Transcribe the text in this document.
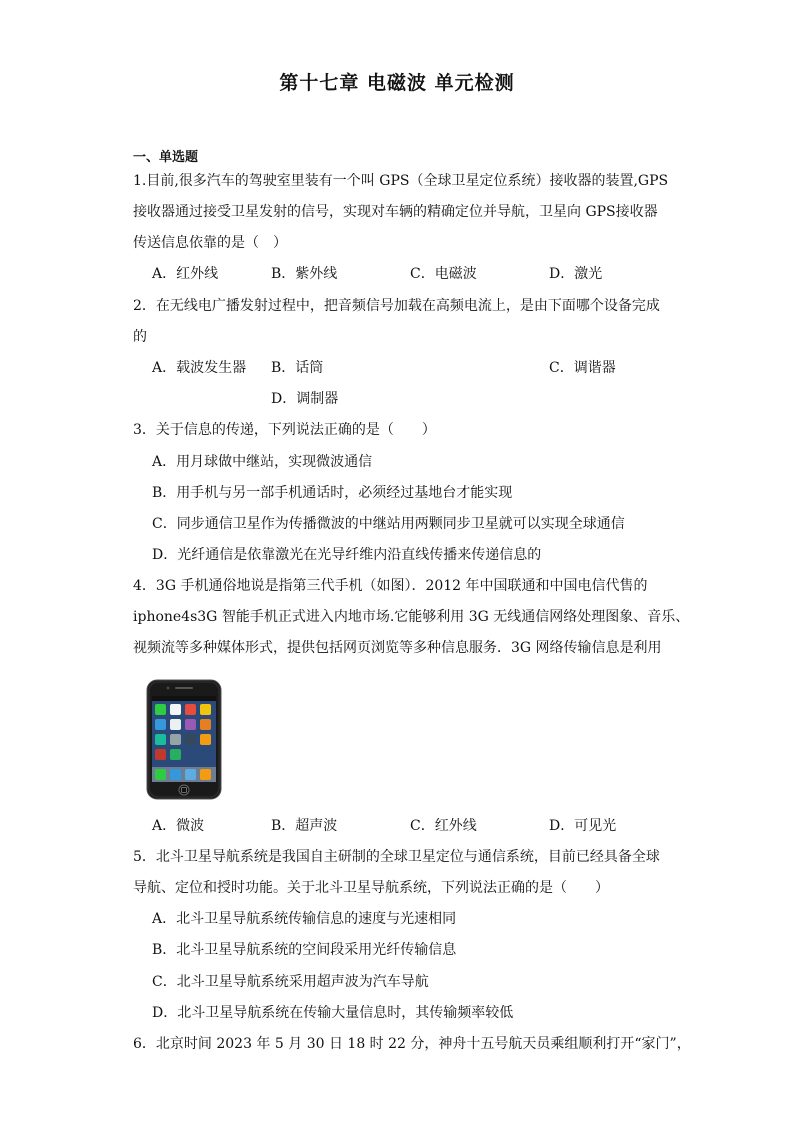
第十七章 电磁波 单元检测
一、单选题
1.目前,很多汽车的驾驶室里装有一个叫 GPS（全球卫星定位系统）接收器的装置,GPS
接收器通过接受卫星发射的信号，实现对车辆的精确定位并导航，卫星向 GPS接收器
传送信息依靠的是（　）
A．红外线	B．紫外线	C．电磁波	D．激光
2．在无线电广播发射过程中，把音频信号加载在高频电流上，是由下面哪个设备完成
的
A．载波发生器 B．话筒	C．调谐器
D．调制器
3．关于信息的传递，下列说法正确的是（　　）
A．用月球做中继站，实现微波通信
B．用手机与另一部手机通话时，必须经过基地台才能实现
C．同步通信卫星作为传播微波的中继站用两颗同步卫星就可以实现全球通信
D．光纤通信是依靠激光在光导纤维内沿直线传播来传递信息的
4．3G 手机通俗地说是指第三代手机（如图）．2012 年中国联通和中国电信代售的
iphone4s3G 智能手机正式进入内地市场.它能够利用 3G 无线通信网络处理图象、音乐、
视频流等多种媒体形式，提供包括网页浏览等多种信息服务．3G 网络传输信息是利用
A．微波	B．超声波	C．红外线	D．可见光
5．北斗卫星导航系统是我国自主研制的全球卫星定位与通信系统，目前已经具备全球
导航、定位和授时功能。关于北斗卫星导航系统，下列说法正确的是（　　）
A．北斗卫星导航系统传输信息的速度与光速相同
B．北斗卫星导航系统的空间段采用光纤传输信息
C．北斗卫星导航系统采用超声波为汽车导航
D．北斗卫星导航系统在传输大量信息时，其传输频率较低
6．北京时间 2023 年 5 月 30 日 18 时 22 分，神舟十五号航天员乘组顺利打开“家门”，
